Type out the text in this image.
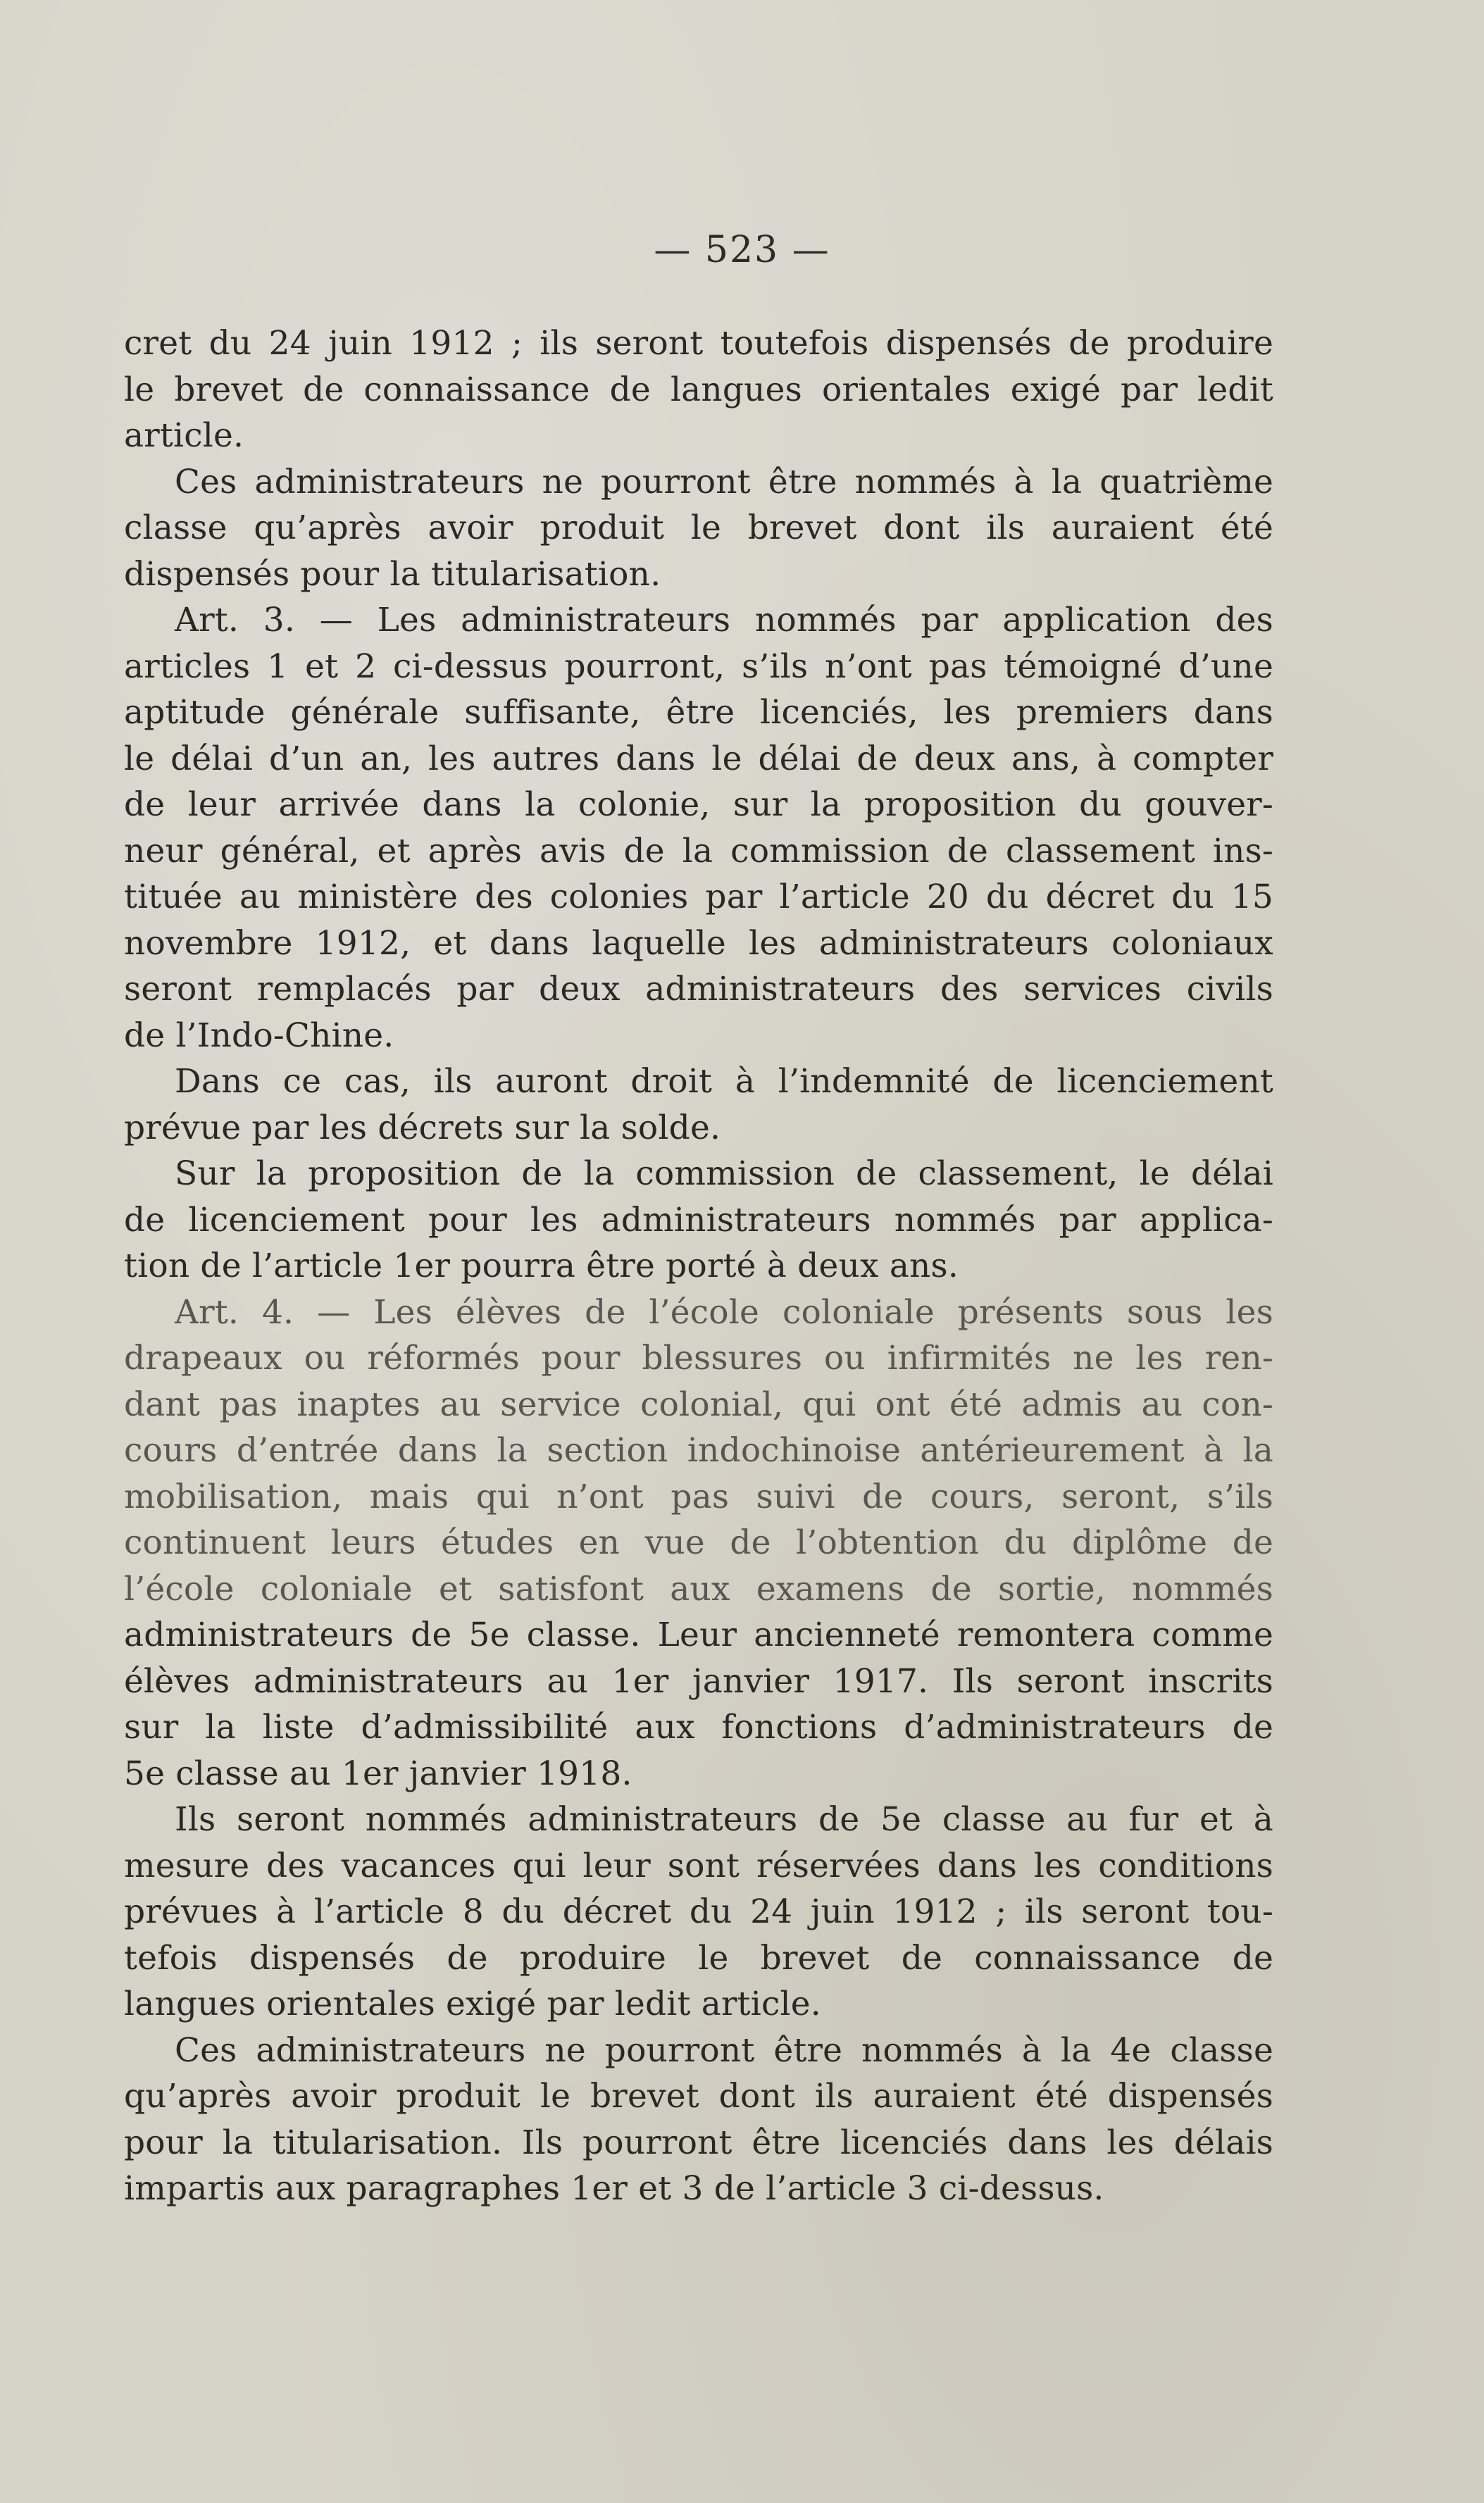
— 523 —
cret du 24 juin 1912 ; ils seront toutefois dispensés de produire
le brevet de connaissance de langues orientales exigé par ledit
article.
Ces administrateurs ne pourront être nommés à la quatrième
classe qu’après avoir produit le brevet dont ils auraient été
dispensés pour la titularisation.
Art. 3. — Les administrateurs nommés par application des
articles 1 et 2 ci-dessus pourront, s’ils n’ont pas témoigné d’une
aptitude générale suffisante, être licenciés, les premiers dans
le délai d’un an, les autres dans le délai de deux ans, à compter
de leur arrivée dans la colonie, sur la proposition du gouver-
neur général, et après avis de la commission de classement ins-
tituée au ministère des colonies par l’article 20 du décret du 15
novembre 1912, et dans laquelle les administrateurs coloniaux
seront remplacés par deux administrateurs des services civils
de l’Indo-Chine.
Dans ce cas, ils auront droit à l’indemnité de licenciement
prévue par les décrets sur la solde.
Sur la proposition de la commission de classement, le délai
de licenciement pour les administrateurs nommés par applica-
tion de l’article 1er pourra être porté à deux ans.
Art. 4. — Les élèves de l’école coloniale présents sous les
drapeaux ou réformés pour blessures ou infirmités ne les ren-
dant pas inaptes au service colonial, qui ont été admis au con-
cours d’entrée dans la section indochinoise antérieurement à la
mobilisation, mais qui n’ont pas suivi de cours, seront, s’ils
continuent leurs études en vue de l’obtention du diplôme de
l’école coloniale et satisfont aux examens de sortie, nommés
administrateurs de 5e classe. Leur ancienneté remontera comme
élèves administrateurs au 1er janvier 1917. Ils seront inscrits
sur la liste d’admissibilité aux fonctions d’administrateurs de
5e classe au 1er janvier 1918.
Ils seront nommés administrateurs de 5e classe au fur et à
mesure des vacances qui leur sont réservées dans les conditions
prévues à l’article 8 du décret du 24 juin 1912 ; ils seront tou-
tefois dispensés de produire le brevet de connaissance de
langues orientales exigé par ledit article.
Ces administrateurs ne pourront être nommés à la 4e classe
qu’après avoir produit le brevet dont ils auraient été dispensés
pour la titularisation. Ils pourront être licenciés dans les délais
impartis aux paragraphes 1er et 3 de l’article 3 ci-dessus.
